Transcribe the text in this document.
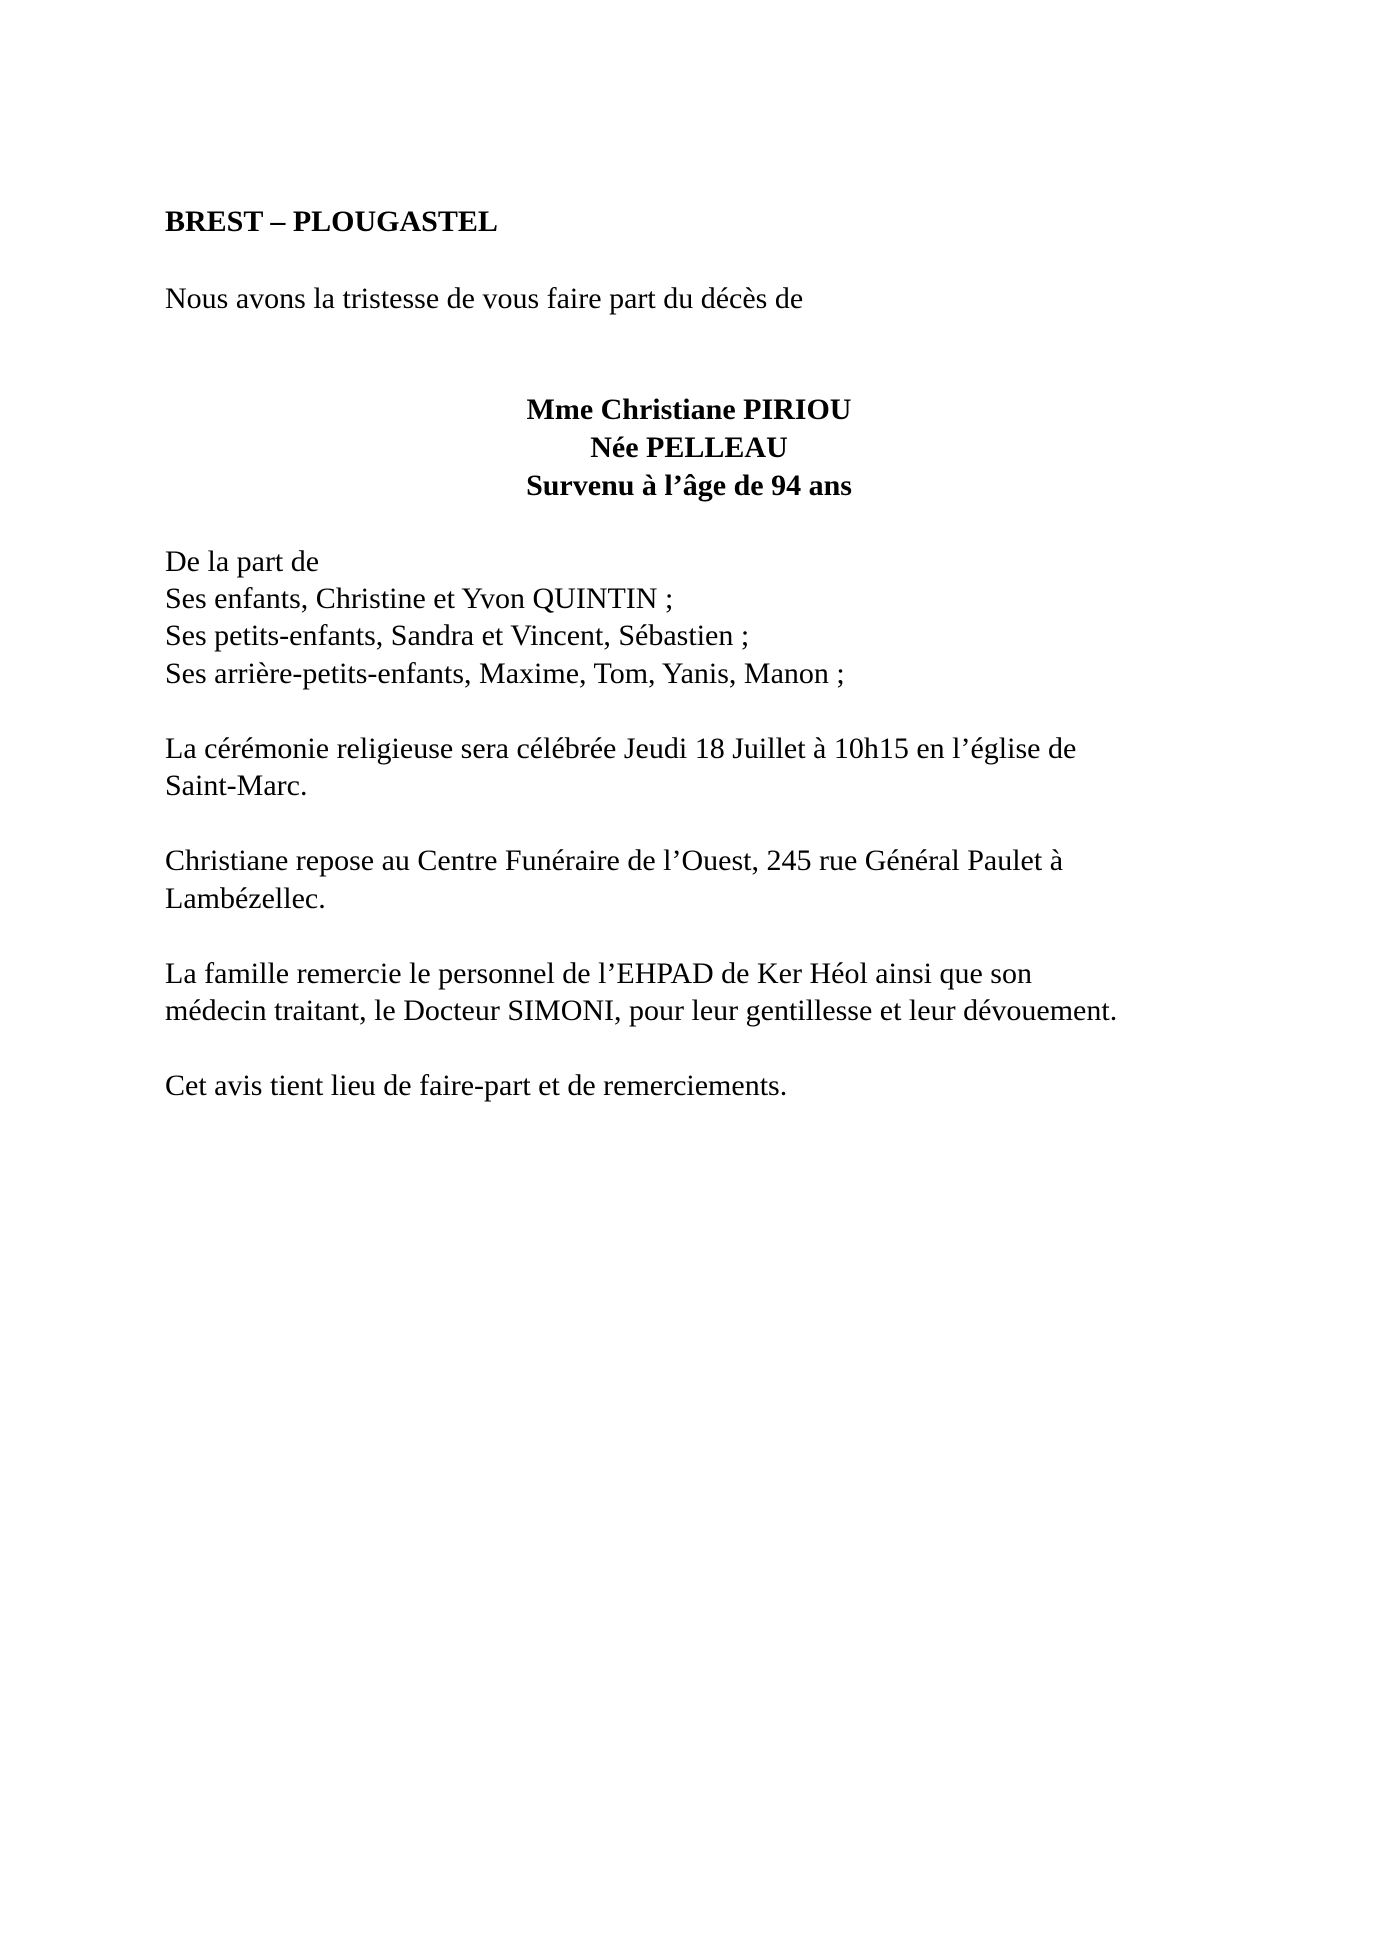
BREST – PLOUGASTEL
Nous avons la tristesse de vous faire part du décès de
Mme Christiane PIRIOU
Née PELLEAU
Survenu à l’âge de 94 ans
De la part de
Ses enfants, Christine et Yvon QUINTIN ;
Ses petits-enfants, Sandra et Vincent, Sébastien ;
Ses arrière-petits-enfants, Maxime, Tom, Yanis, Manon ;
La cérémonie religieuse sera célébrée Jeudi 18 Juillet à 10h15 en l’église de
Saint-Marc.
Christiane repose au Centre Funéraire de l’Ouest, 245 rue Général Paulet à
Lambézellec.
La famille remercie le personnel de l’EHPAD de Ker Héol ainsi que son
médecin traitant, le Docteur SIMONI, pour leur gentillesse et leur dévouement.
Cet avis tient lieu de faire-part et de remerciements.
